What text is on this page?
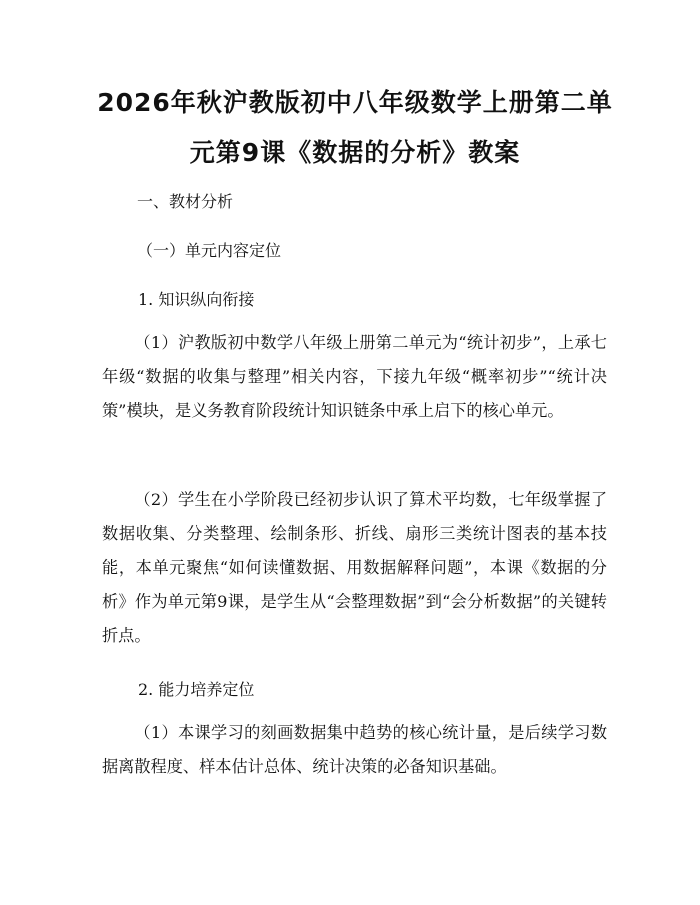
2026年秋沪教版初中八年级数学上册第二单元第9课《数据的分析》教案
一、教材分析
（一）单元内容定位
1. 知识纵向衔接

（1）沪教版初中数学八年级上册第二单元为“统计初步”，上承七年级“数据的收集与整理”相关内容，下接九年级“概率初步”“统计决策”模块，是义务教育阶段统计知识链条中承上启下的核心单元。

（2）学生在小学阶段已经初步认识了算术平均数，七年级掌握了数据收集、分类整理、绘制条形、折线、扇形三类统计图表的基本技能，本单元聚焦“如何读懂数据、用数据解释问题”，本课《数据的分析》作为单元第9课，是学生从“会整理数据”到“会分析数据”的关键转折点。

2. 能力培养定位

（1）本课学习的刻画数据集中趋势的核心统计量，是后续学习数据离散程度、样本估计总体、统计决策的必备知识基础。
